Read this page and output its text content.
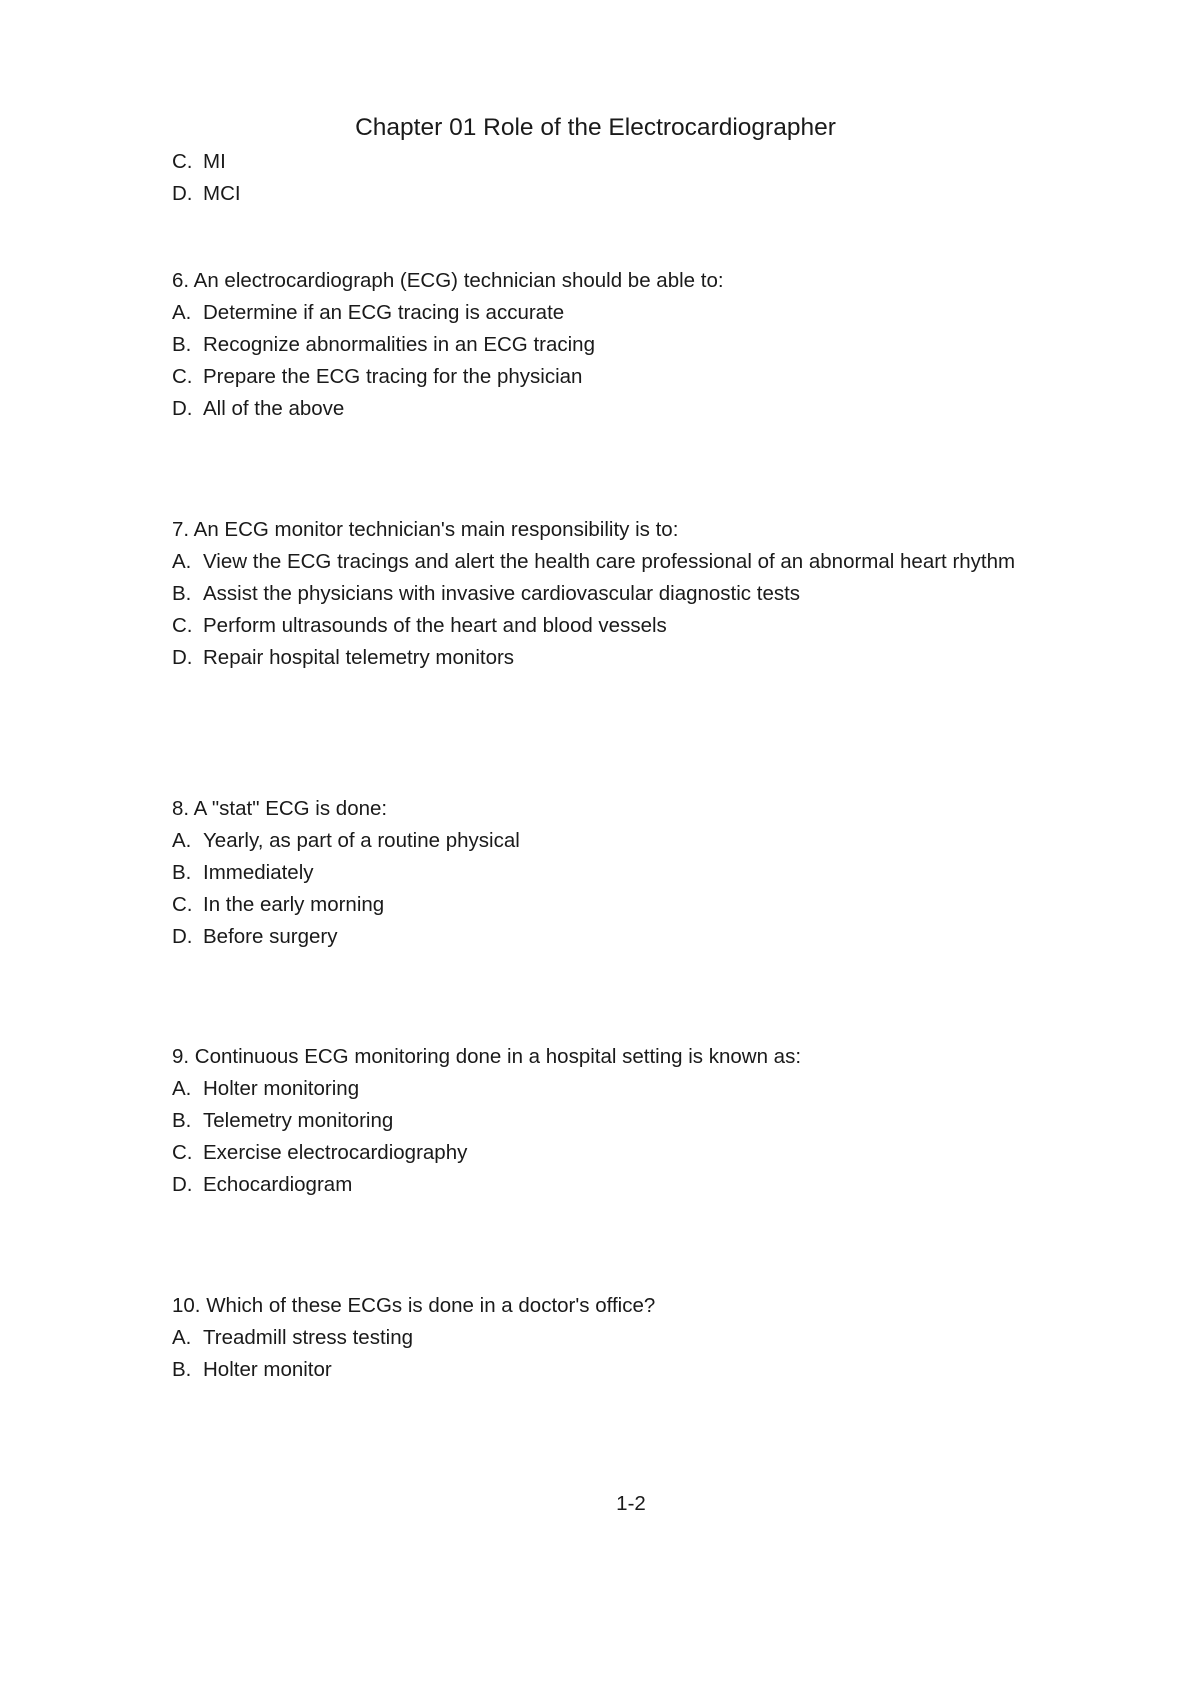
Chapter 01 Role of the Electrocardiographer
C. MI
D. MCI
6. An electrocardiograph (ECG) technician should be able to:
A. Determine if an ECG tracing is accurate
B. Recognize abnormalities in an ECG tracing
C. Prepare the ECG tracing for the physician
D. All of the above
7. An ECG monitor technician's main responsibility is to:
A. View the ECG tracings and alert the health care professional of an abnormal heart rhythm
B. Assist the physicians with invasive cardiovascular diagnostic tests
C. Perform ultrasounds of the heart and blood vessels
D. Repair hospital telemetry monitors
8. A "stat" ECG is done:
A. Yearly, as part of a routine physical
B. Immediately
C. In the early morning
D. Before surgery
9. Continuous ECG monitoring done in a hospital setting is known as:
A. Holter monitoring
B. Telemetry monitoring
C. Exercise electrocardiography
D. Echocardiogram
10. Which of these ECGs is done in a doctor's office?
A. Treadmill stress testing
B. Holter monitor
1-2
